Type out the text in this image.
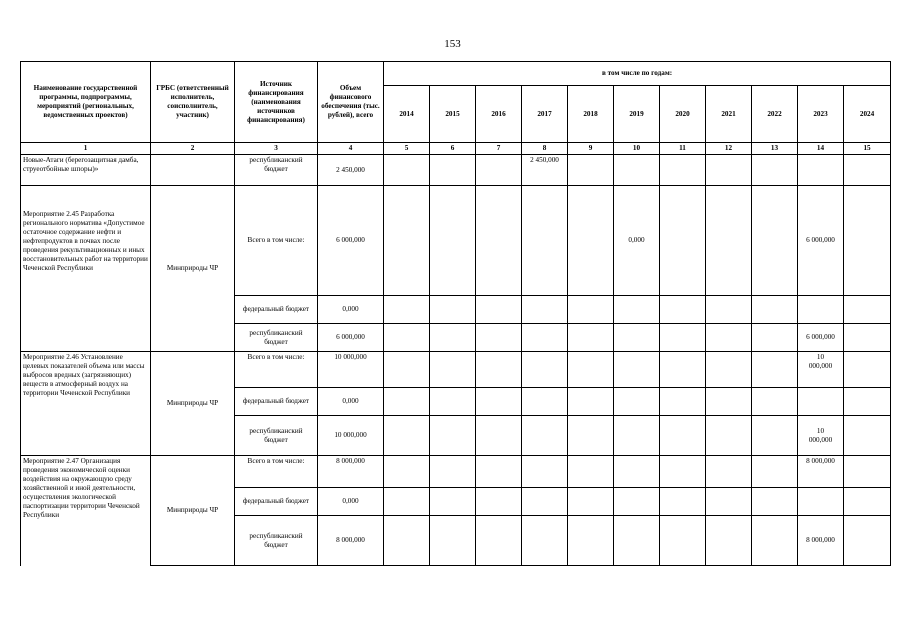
153
Наименование государственной программы, подпрограммы, мероприятий (региональных, ведомственных проектов)	ГРБС (ответственный исполнитель, соисполнитель, участник)	Источник финансирования (наименования источников финансирования)	Объем финансового обеспечения (тыс. рублей), всего	в том числе по годам:										
				2014	2015	2016	2017	2018	2019	2020	2021	2022	2023	2024
1	2	3	4	5	6	7	8	9	10	11	12	13	14	15
Новые-Атаги (берегозащитная дамба, струеотбойные шпоры)»		республиканский бюджет	2 450,000				2 450,000							
Мероприятие 2.45 Разработка регионального норматива «Допустимое остаточное содержание нефти и нефтепродуктов в почвах после проведения рекультивационных и иных восстановительных работ на территории Чеченской Республики	Минприроды ЧР	Всего в том числе:	6 000,000						0,000				6 000,000	
		федеральный бюджет	0,000											
		республиканский бюджет	6 000,000										6 000,000	
Мероприятие 2.46 Установление целевых показателей объема или массы выбросов вредных (загрязняющих) веществ в атмосферный воздух на территории Чеченской Республики	Минприроды ЧР	Всего в том числе:	10 000,000										10 000,000	
		федеральный бюджет	0,000											
		республиканский бюджет	10 000,000										10 000,000	
Мероприятие 2.47 Организация проведения экономической оценки воздействия на окружающую среду хозяйственной и иной деятельности, осуществления экологической паспортизации территории Чеченской Республики	Минприроды ЧР	Всего в том числе:	8 000,000										8 000,000	
		федеральный бюджет	0,000											
		республиканский бюджет	8 000,000										8 000,000	
